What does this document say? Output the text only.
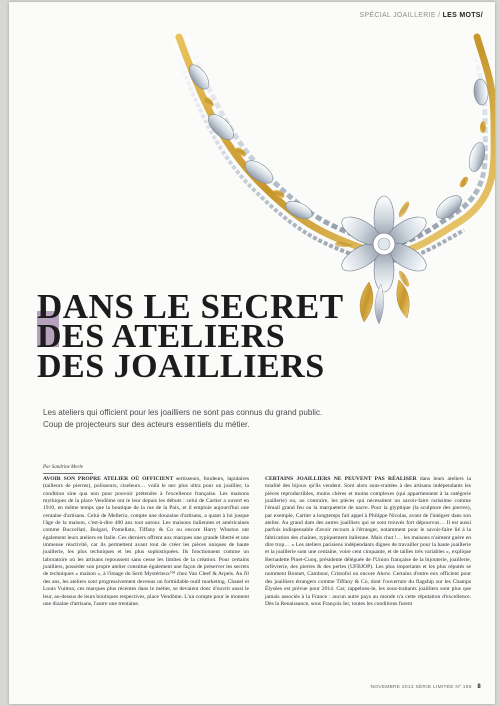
SPÉCIAL JOAILLERIE / LES MOTS/
DANS LE SECRET
DES ATELIERS
DES JOAILLIERS

Les ateliers qui officient pour les joailliers ne sont pas connus du grand public. Coup de projecteurs sur des acteurs essentiels du métier.

Par Sandrine Merle

AVOIR SON PROPRE ATELIER OÙ OFFICIENT sertisseurs, fondeurs, lapidaires (tailleurs de pierres), polisseurs, ciseleurs… voilà le nec plus ultra pour un joaillier, la condition sine qua non pour pouvoir prétendre à l'excellence française. Les maisons mythiques de la place Vendôme ont le leur depuis les débuts : celui de Cartier a ouvert en 1910, en même temps que la boutique de la rue de la Paix, et il emploie aujourd'hui une centaine d'artisans. Celui de Mellerio, compte une douzaine d'artisans, a quant à lui jusque l'âge de la maison, c'est-à-dire 400 ans tout autour. Les maisons italiennes et américaines comme Buccellati, Bulgari, Pomellato, Tiffany & Co ou encore Harry Winston ont également leurs ateliers en Italie. Ces derniers offrent aux marques une grande liberté et une immense réactivité, car ils permettent avant tout de créer les pièces uniques de haute joaillerie, les plus techniques et les plus sophistiquées. Ils fonctionnent comme un laboratoire où les artisans repoussent sans cesse les limites de la création. Pour certains joailliers, posséder son propre atelier constitue également une façon de préserver les secrets de techniques « maison », à l'image du Serti Mystérieux™ chez Van Cleef & Arpels. Au fil des ans, les ateliers sont progressivement devenus un formidable outil marketing. Chanel et Louis Vuitton, ces marques plus récentes dans le métier, se devaient donc d'ouvrir aussi le leur, au-dessus de leurs boutiques respectives, place Vendôme. L'un compte pour le moment une dizaine d'artisans, l'autre une trentaine.

CERTAINS JOAILLIERS NE PEUVENT PAS RÉALISER dans leurs ateliers la totalité des bijoux qu'ils vendent. Sont alors sous-traitées à des artisans indépendants les pièces reproductibles, moins chères et moins complexes (qui appartiennent à la catégorie joaillerie) ou, au contraire, les pièces qui nécessitent un savoir-faire rarissime comme l'émail grand feu ou la marqueterie de nacre. Pour la glyptique (la sculpture des pierres), par exemple, Cartier a longtemps fait appel à Philippe Nicolas, avant de l'intégrer dans son atelier. Au grand dam des autres joailliers qui se sont trouvés fort dépourvus… Il est aussi parfois indispensable d'avoir recours à l'étranger, notamment pour le savoir-faire lié à la fabrication des chaînes, typiquement italienne. Mais chut !… les maisons n'aiment guère en dire trop… « Les ateliers parisiens indépendants dignes de travailler pour la haute joaillerie et la joaillerie sont une centaine, voire cent cinquante, et de tailles très variables », explique Bernadette Pinet-Cuoq, présidente déléguée de l'Union française de la bijouterie, joaillerie, orfèvrerie, des pierres & des perles (UFBJOP). Les plus importants et les plus réputés se nomment Bonnet, Cambour, Cristofol ou encore Ahow. Certains d'entre eux officient pour des joailliers étrangers comme Tiffany & Co, dont l'ouverture du flagship sur les Champs Élysées est prévue pour 2014. Car, rappelons-le, les sous-traitants joailliers sont plus que jamais associés à la France : aucun autre pays au monde n'a cette réputation d'excellence. Dès la Renaissance, sous François Ier, toutes les conditions furent

NOVEMBRE 2013 SÉRIE LIMITÉE Nº 156 8
